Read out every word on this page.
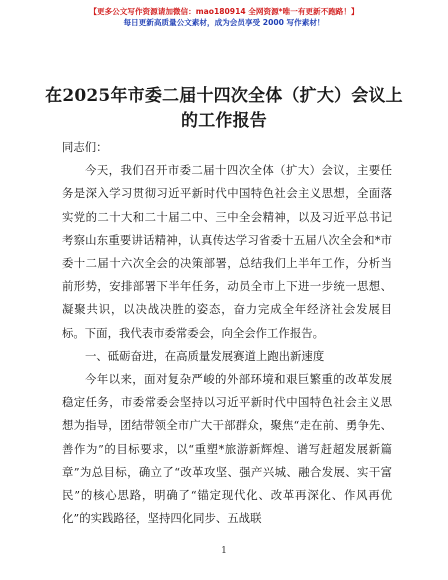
【更多公文写作资源请加微信：mao180914 全网资源*唯一有更新不跑路！】
每日更新高质量公文素材，成为会员享受 2000 写作素材！
在2025年市委二届十四次全体（扩大）会议上的工作报告

同志们：

今天，我们召开市委二届十四次全体（扩大）会议，主要任务是深入学习贯彻习近平新时代中国特色社会主义思想，全面落实党的二十大和二十届二中、三中全会精神，以及习近平总书记考察山东重要讲话精神，认真传达学习省委十五届八次全会和*市委十二届十六次全会的决策部署，总结我们上半年工作，分析当前形势，安排部署下半年任务，动员全市上下进一步统一思想、凝聚共识，以决战决胜的姿态，奋力完成全年经济社会发展目标。下面，我代表市委常委会，向全会作工作报告。

一、砥砺奋进，在高质量发展赛道上跑出新速度

今年以来，面对复杂严峻的外部环境和艰巨繁重的改革发展稳定任务，市委常委会坚持以习近平新时代中国特色社会主义思想为指导，团结带领全市广大干部群众，聚焦“走在前、勇争先、善作为”的目标要求，以“重塑*旅游新辉煌、谱写赶超发展新篇章”为总目标，确立了“改革攻坚、强产兴城、融合发展、实干富民”的核心思路，明确了“锚定现代化、改革再深化、作风再优化”的实践路径，坚持四化同步、五战联

1
